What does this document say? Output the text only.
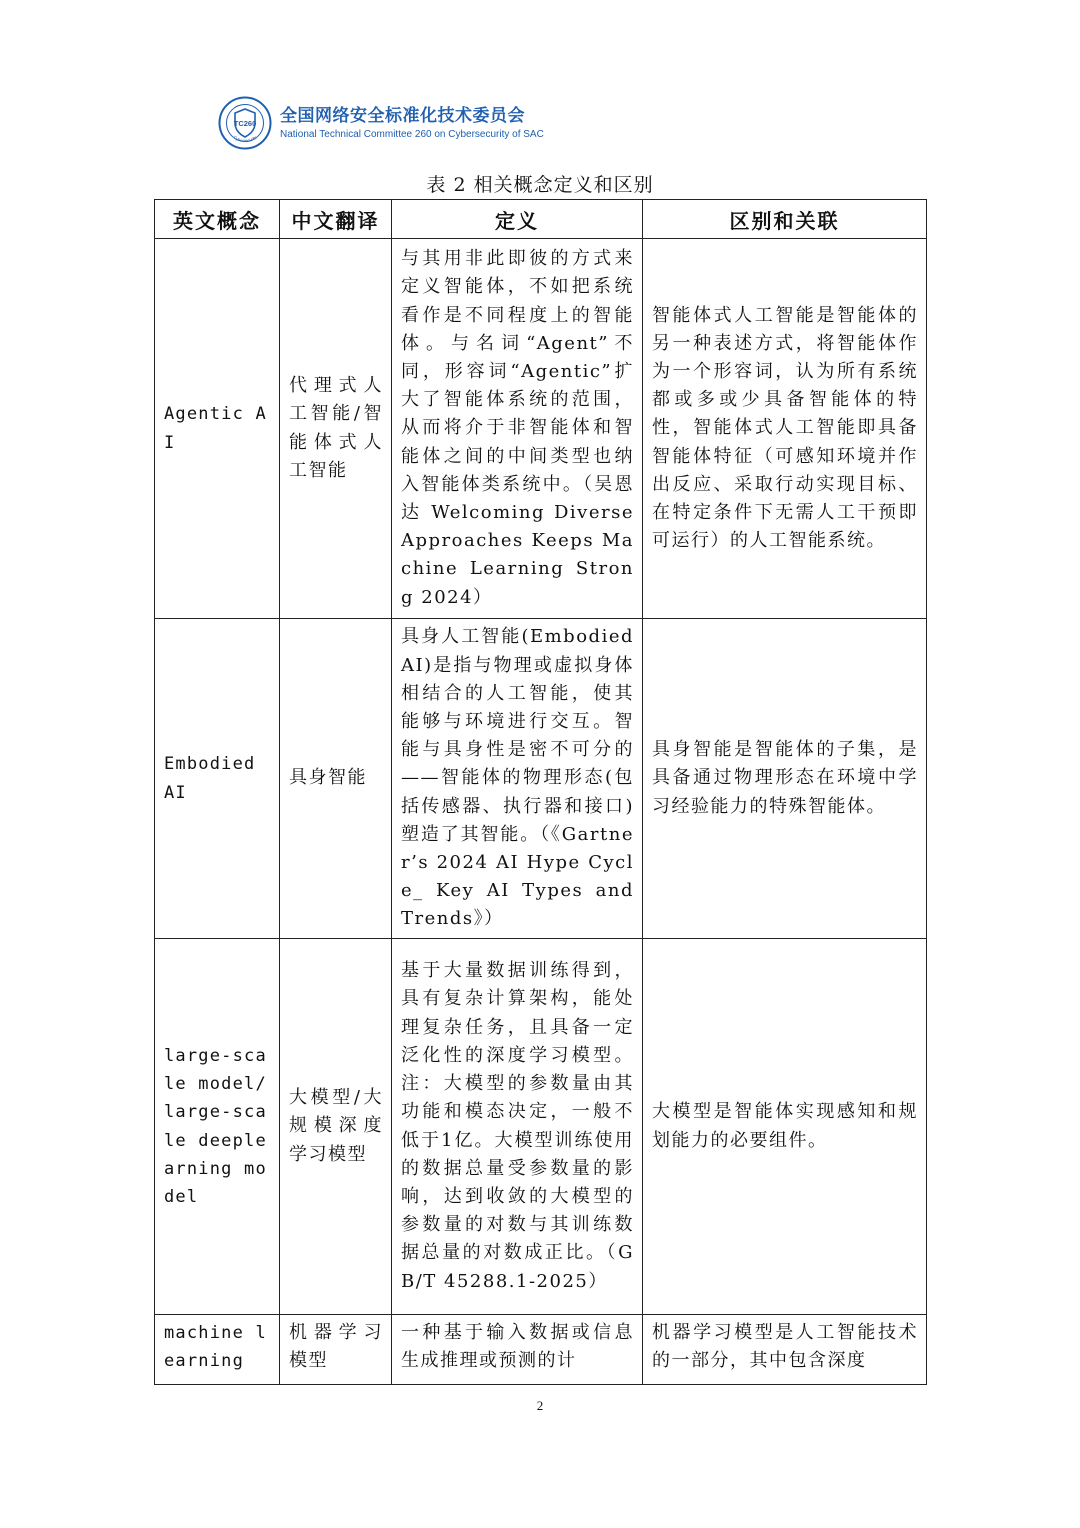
TC260
Cybersecurity
全国网络安全标准化技术委员会
National Technical Committee 260 on Cybersecurity of SAC
表 2 相关概念定义和区别
英文概念	中文翻译	定义	区别和关联

Agentic AI	代理式人工智能/智能体式人工智能	与其用非此即彼的方式来定义智能体，不如把系统看作是不同程度上的智能体。与名词“Agent”不同，形容词“Agentic”扩大了智能体系统的范围，从而将介于非智能体和智能体之间的中间类型也纳入智能体类系统中。（吴恩达 Welcoming Diverse Approaches Keeps Machine Learning Strong 2024）	智能体式人工智能是智能体的另一种表述方式，将智能体作为一个形容词，认为所有系统都或多或少具备智能体的特性，智能体式人工智能即具备智能体特征（可感知环境并作出反应、采取行动实现目标、在特定条件下无需人工干预即可运行）的人工智能系统。

Embodied AI	具身智能	具身人工智能(Embodied AI)是指与物理或虚拟身体相结合的人工智能，使其能够与环境进行交互。智能与具身性是密不可分的——智能体的物理形态(包括传感器、执行器和接口)塑造了其智能。（《Gartner’s 2024 AI Hype Cycle_ Key AI Types and Trends》）	具身智能是智能体的子集，是具备通过物理形态在环境中学习经验能力的特殊智能体。

large-scale model/large-scale deeplearning model	大模型/大规模深度学习模型	基于大量数据训练得到，具有复杂计算架构，能处理复杂任务，且具备一定泛化性的深度学习模型。注：大模型的参数量由其功能和模态决定，一般不低于1亿。大模型训练使用的数据总量受参数量的影响，达到收敛的大模型的参数量的对数与其训练数据总量的对数成正比。（GB/T 45288.1-2025）	大模型是智能体实现感知和规划能力的必要组件。

machine learning	机器学习模型	一种基于输入数据或信息生成推理或预测的计	机器学习模型是人工智能技术的一部分，其中包含深度
2
